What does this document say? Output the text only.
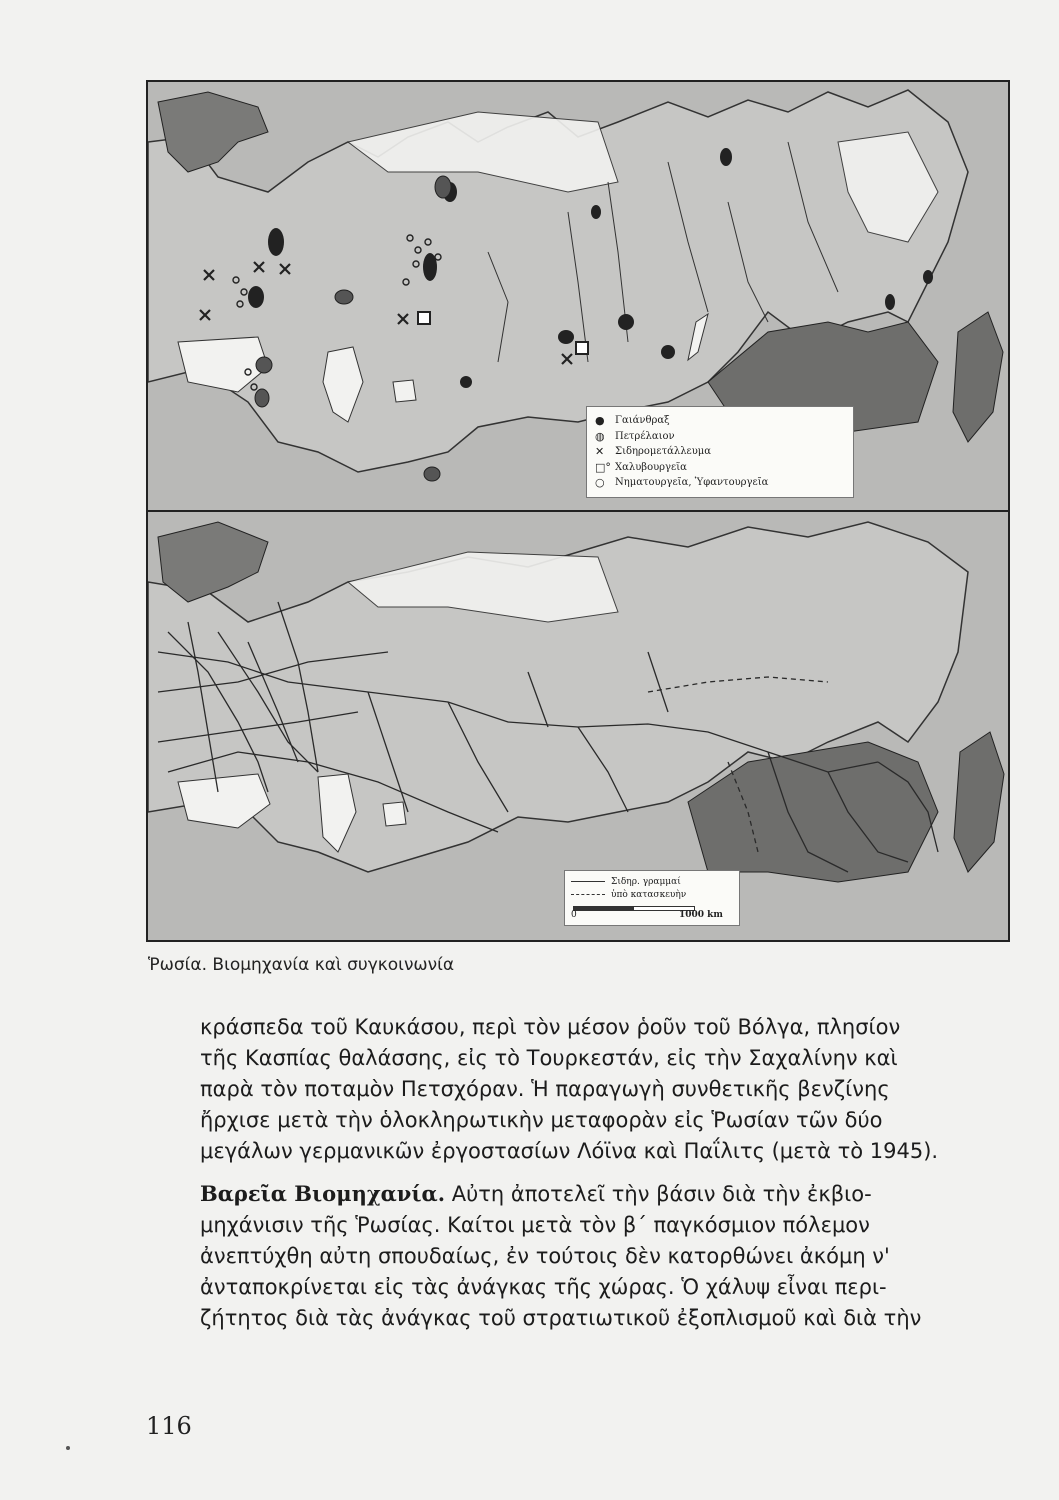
●	Γαιάνθραξ
◍	Πετρέλαιον
✕	Σιδηρομετάλλευμα
□° Χαλυβουργεῖα
○	Νηματουργεῖα, Ὑφαντουργεῖα
Σιδηρ. γραμμαί
ὑπὸ κατασκευὴν
0	1000 km
Ῥωσία. Βιομηχανία καὶ συγκοινωνία

κράσπεδα τοῦ Καυκάσου, περὶ τὸν μέσον ῥοῦν τοῦ Βόλγα, πλησίον
τῆς Κασπίας θαλάσσης, εἰς τὸ Τουρκεστάν, εἰς τὴν Σαχαλίνην καὶ
παρὰ τὸν ποταμὸν Πετσχόραν. Ἡ παραγωγὴ συνθετικῆς βενζίνης
ἤρχισε μετὰ τὴν ὁλοκληρωτικὴν μεταφορὰν εἰς Ῥωσίαν τῶν δύο
μεγάλων γερμανικῶν ἐργοστασίων Λόϊνα καὶ Παΐλιτς (μετὰ τὸ 1945).

Βαρεῖα Βιομηχανία. Αὐτη ἀποτελεῖ τὴν βάσιν διὰ τὴν ἐκβιο-
μηχάνισιν τῆς Ῥωσίας. Καίτοι μετὰ τὸν β΄ παγκόσμιον πόλεμον
ἀνεπτύχθη αὐτη σπουδαίως, ἐν τούτοις δὲν κατορθώνει ἀκόμη ν'
ἀνταποκρίνεται εἰς τὰς ἀνάγκας τῆς χώρας. Ὁ χάλυψ εἶναι περι-
ζήτητος διὰ τὰς ἀνάγκας τοῦ στρατιωτικοῦ ἐξοπλισμοῦ καὶ διὰ τὴν

116
